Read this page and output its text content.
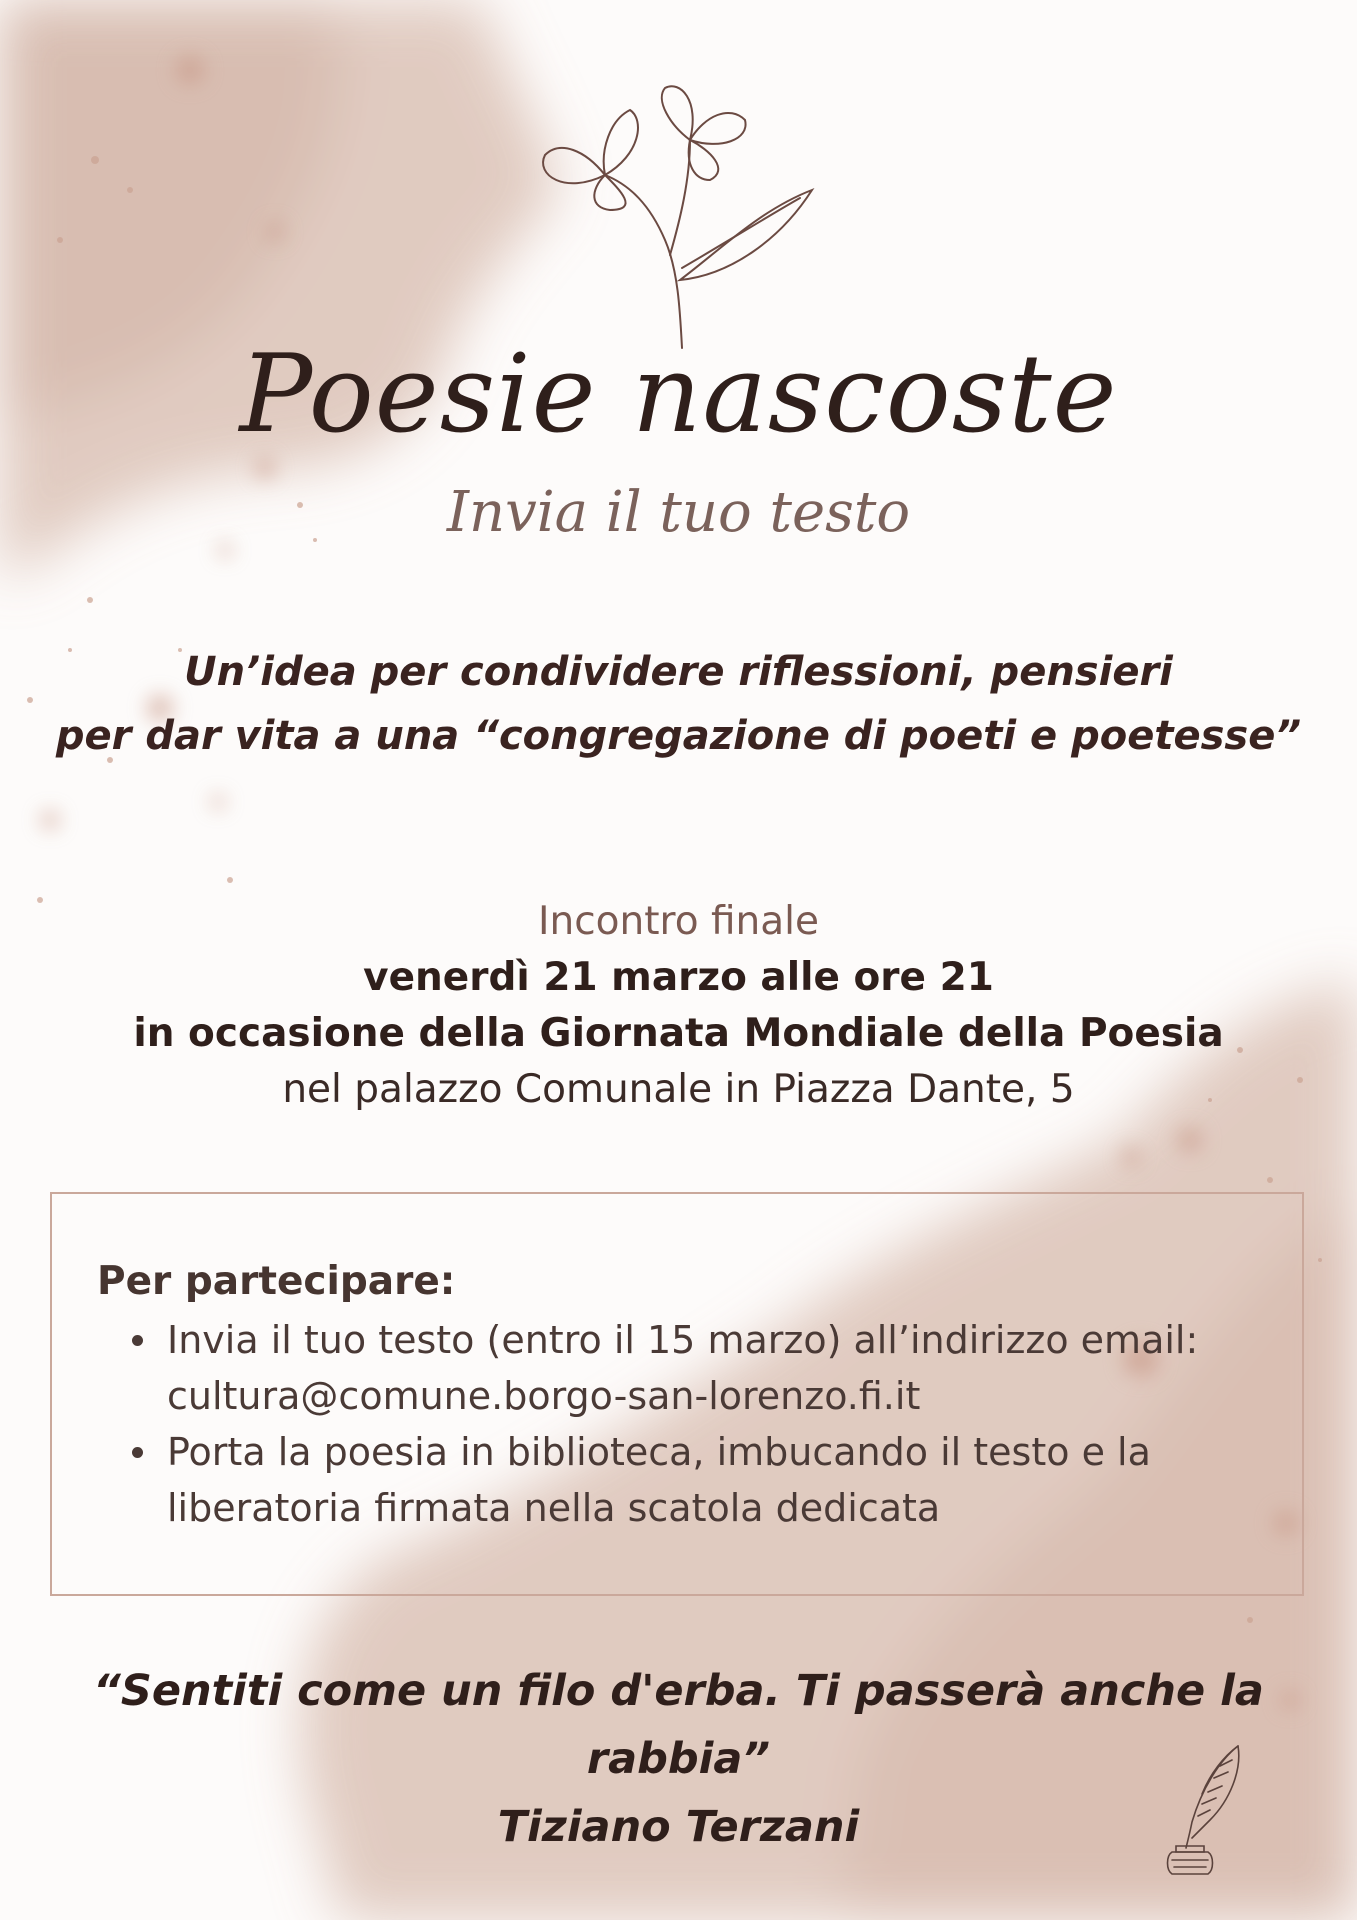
Poesie nascoste
Invia il tuo testo
Un’idea per condividere riflessioni, pensieri
per dar vita a una “congregazione di poeti e poetesse”
Incontro finale
venerdì 21 marzo alle ore 21
in occasione della Giornata Mondiale della Poesia
nel palazzo Comunale in Piazza Dante, 5
Per partecipare:
Invia il tuo testo (entro il 15 marzo) all’indirizzo email:
cultura@comune.borgo-san-lorenzo.fi.it
Porta la poesia in biblioteca, imbucando il testo e la
liberatoria firmata nella scatola dedicata
“Sentiti come un filo d'erba. Ti passerà anche la rabbia”
Tiziano Terzani
